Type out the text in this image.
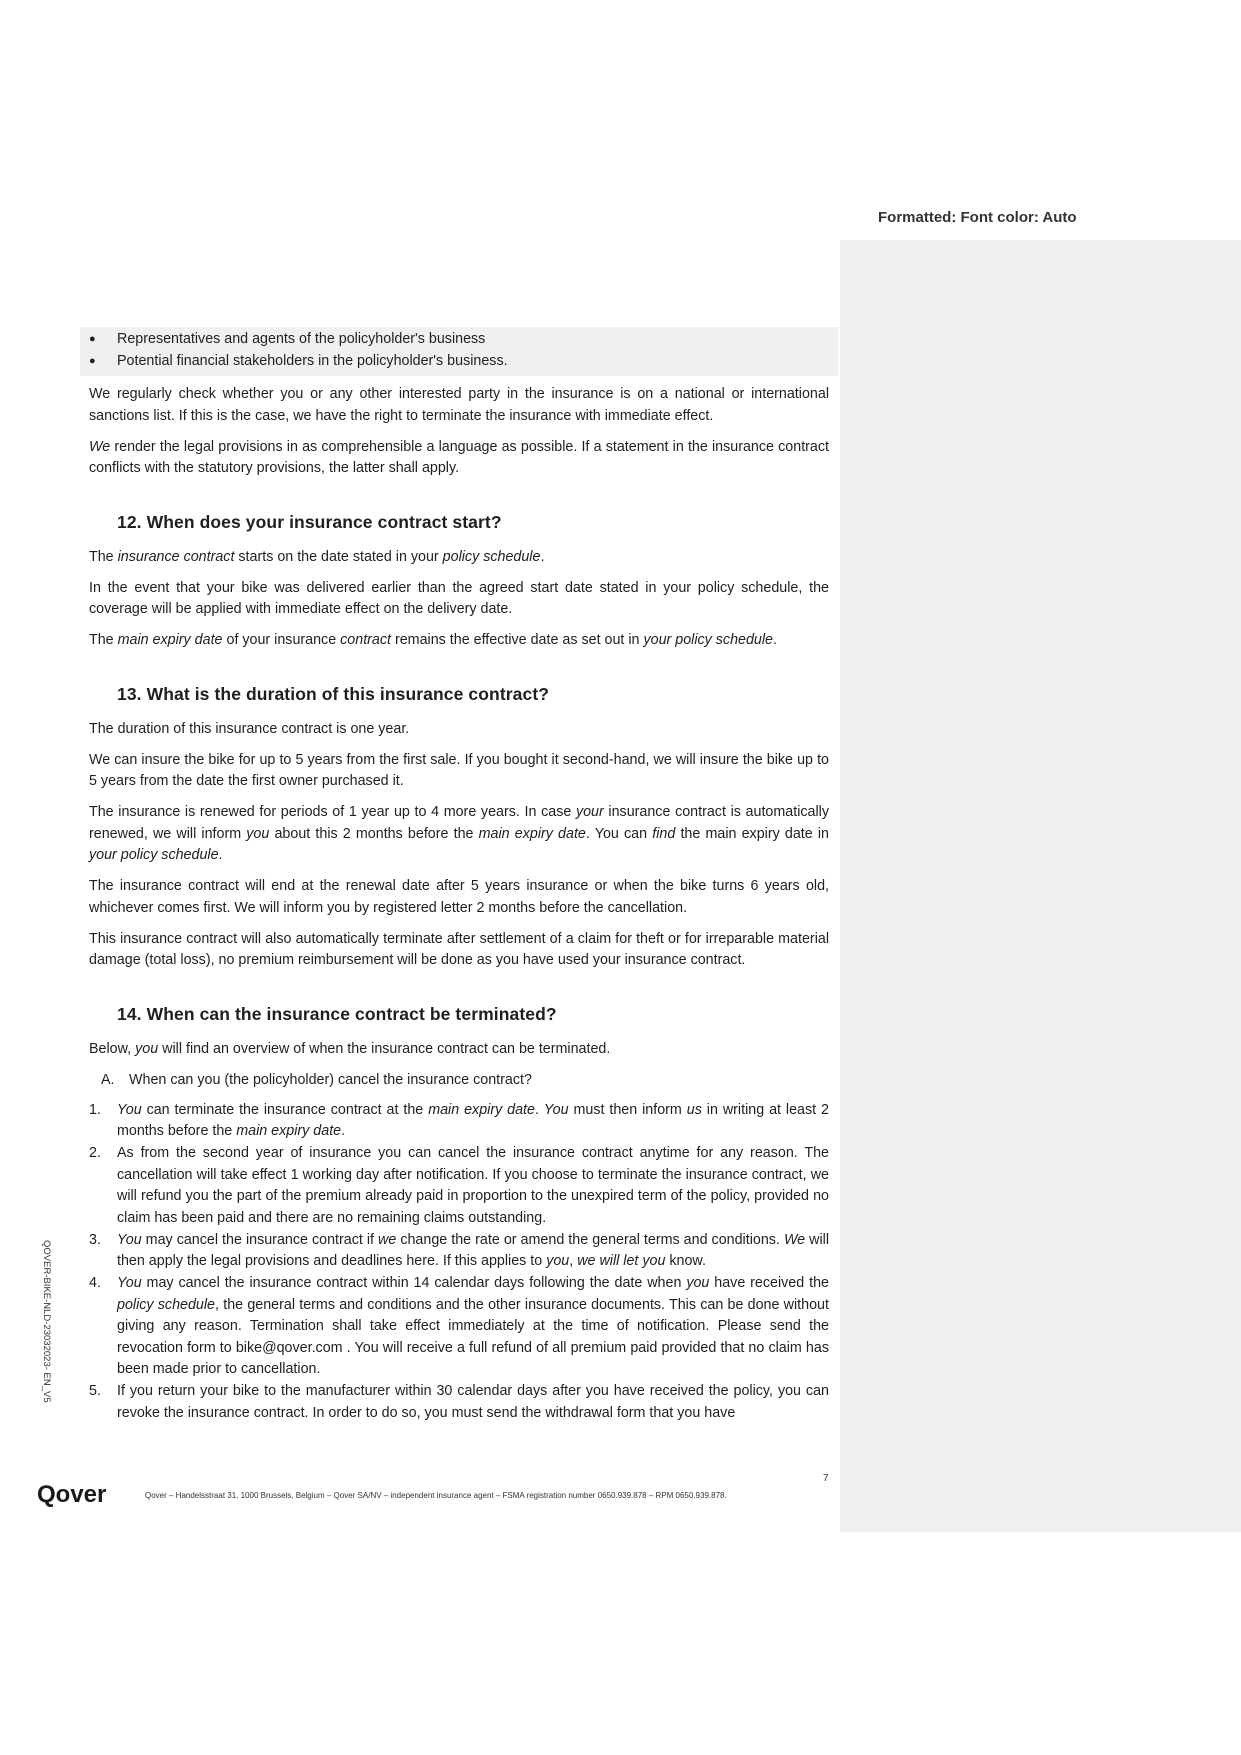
Formatted: Font color: Auto
● Representatives and agents of the policyholder's business
● Potential financial stakeholders in the policyholder's business.

We regularly check whether you or any other interested party in the insurance is on a national or international sanctions list. If this is the case, we have the right to terminate the insurance with immediate effect.

We render the legal provisions in as comprehensible a language as possible. If a statement in the insurance contract conflicts with the statutory provisions, the latter shall apply.

12. When does your insurance contract start?

The insurance contract starts on the date stated in your policy schedule.

In the event that your bike was delivered earlier than the agreed start date stated in your policy schedule, the coverage will be applied with immediate effect on the delivery date.

The main expiry date of your insurance contract remains the effective date as set out in your policy schedule.

13. What is the duration of this insurance contract?

The duration of this insurance contract is one year.

We can insure the bike for up to 5 years from the first sale. If you bought it second-hand, we will insure the bike up to 5 years from the date the first owner purchased it.

The insurance is renewed for periods of 1 year up to 4 more years. In case your insurance contract is automatically renewed, we will inform you about this 2 months before the main expiry date. You can find the main expiry date in your policy schedule.

The insurance contract will end at the renewal date after 5 years insurance or when the bike turns 6 years old, whichever comes first. We will inform you by registered letter 2 months before the cancellation.

This insurance contract will also automatically terminate after settlement of a claim for theft or for irreparable material damage (total loss), no premium reimbursement will be done as you have used your insurance contract.

14. When can the insurance contract be terminated?

Below, you will find an overview of when the insurance contract can be terminated.

A. When can you (the policyholder) cancel the insurance contract?
1. You can terminate the insurance contract at the main expiry date. You must then inform us in writing at least 2 months before the main expiry date.
2. As from the second year of insurance you can cancel the insurance contract anytime for any reason. The cancellation will take effect 1 working day after notification. If you choose to terminate the insurance contract, we will refund you the part of the premium already paid in proportion to the unexpired term of the policy, provided no claim has been paid and there are no remaining claims outstanding.
3. You may cancel the insurance contract if we change the rate or amend the general terms and conditions. We will then apply the legal provisions and deadlines here. If this applies to you, we will let you know.
4. You may cancel the insurance contract within 14 calendar days following the date when you have received the policy schedule, the general terms and conditions and the other insurance documents. This can be done without giving any reason. Termination shall take effect immediately at the time of notification. Please send the revocation form to bike@qover.com . You will receive a full refund of all premium paid provided that no claim has been made prior to cancellation.
5. If you return your bike to the manufacturer within 30 calendar days after you have received the policy, you can revoke the insurance contract. In order to do so, you must send the withdrawal form that you have
QOVER-BIKE-NLD-23032023- EN_V5
7
Qover	Qover – Handelsstraat 31, 1000 Brussels, Belgium – Qover SA/NV – independent insurance agent – FSMA registration number 0650.939.878 – RPM 0650.939.878.
